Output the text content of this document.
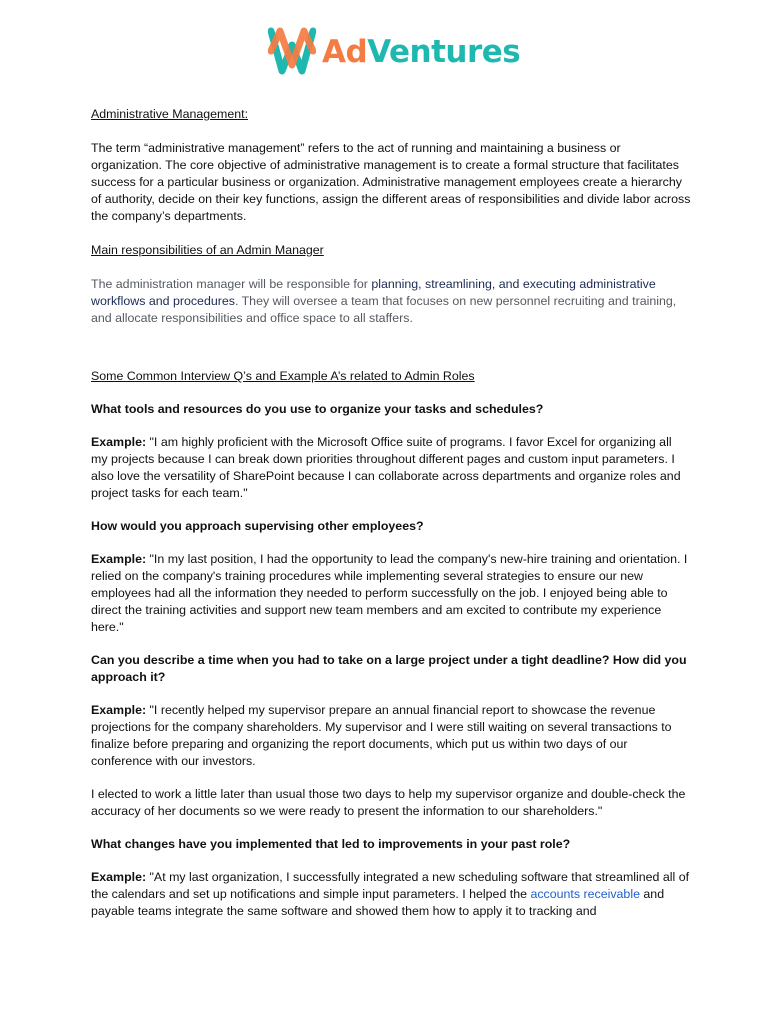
AdVentures

Administrative Management:

The term “administrative management” refers to the act of running and maintaining a business or organization. The core objective of administrative management is to create a formal structure that facilitates success for a particular business or organization. Administrative management employees create a hierarchy of authority, decide on their key functions, assign the different areas of responsibilities and divide labor across the company’s departments.

Main responsibilities of an Admin Manager

The administration manager will be responsible for planning, streamlining, and executing administrative workflows and procedures. They will oversee a team that focuses on new personnel recruiting and training, and allocate responsibilities and office space to all staffers.

Some Common Interview Q’s and Example A’s related to Admin Roles

What tools and resources do you use to organize your tasks and schedules?

Example: "I am highly proficient with the Microsoft Office suite of programs. I favor Excel for organizing all my projects because I can break down priorities throughout different pages and custom input parameters. I also love the versatility of SharePoint because I can collaborate across departments and organize roles and project tasks for each team."

How would you approach supervising other employees?

Example: "In my last position, I had the opportunity to lead the company's new-hire training and orientation. I relied on the company's training procedures while implementing several strategies to ensure our new employees had all the information they needed to perform successfully on the job. I enjoyed being able to direct the training activities and support new team members and am excited to contribute my experience here."

Can you describe a time when you had to take on a large project under a tight deadline? How did you approach it?

Example: "I recently helped my supervisor prepare an annual financial report to showcase the revenue projections for the company shareholders. My supervisor and I were still waiting on several transactions to finalize before preparing and organizing the report documents, which put us within two days of our conference with our investors.

I elected to work a little later than usual those two days to help my supervisor organize and double-check the accuracy of her documents so we were ready to present the information to our shareholders."

What changes have you implemented that led to improvements in your past role?

Example: "At my last organization, I successfully integrated a new scheduling software that streamlined all of the calendars and set up notifications and simple input parameters. I helped the accounts receivable and payable teams integrate the same software and showed them how to apply it to tracking and
